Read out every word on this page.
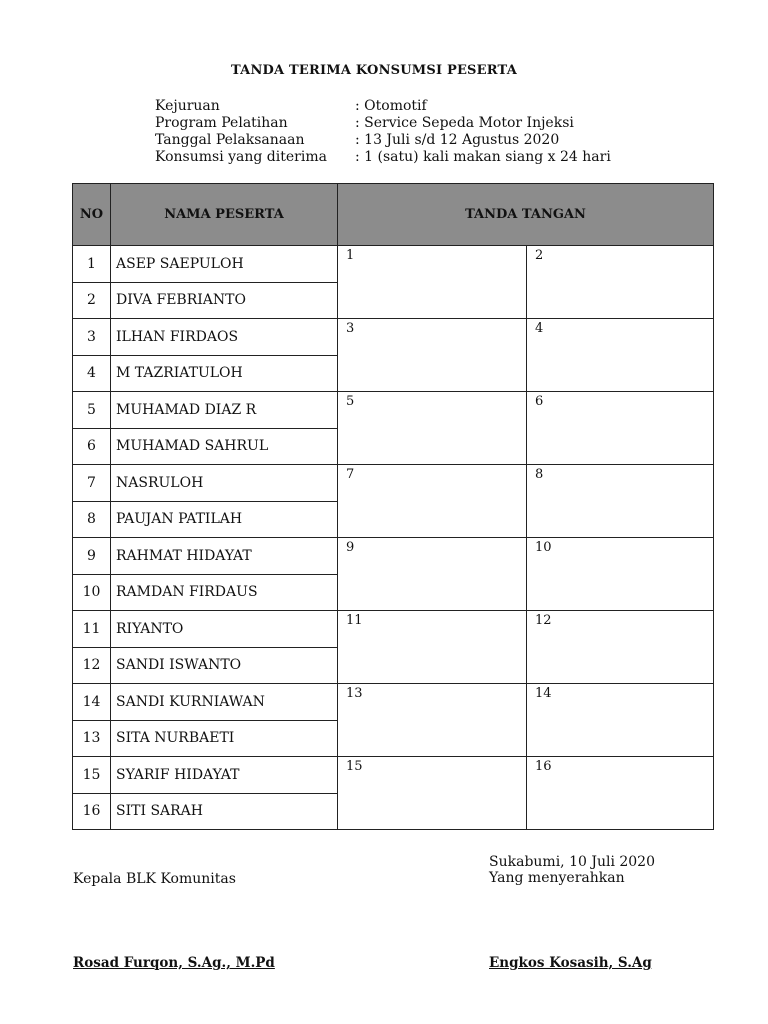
TANDA TERIMA KONSUMSI PESERTA
Kejuruan	: Otomotif
Program Pelatihan	: Service Sepeda Motor Injeksi
Tanggal Pelaksanaan	: 13 Juli s/d 12 Agustus 2020
Konsumsi yang diterima	: 1 (satu) kali makan siang x 24 hari
NO	NAMA PESERTA	TANDA TANGAN	
1	ASEP SAEPULOH	1	2
2	DIVA FEBRIANTO		
3	ILHAN FIRDAOS	3	4
4	M TAZRIATULOH		
5	MUHAMAD DIAZ R	5	6
6	MUHAMAD SAHRUL		
7	NASRULOH	7	8
8	PAUJAN PATILAH		
9	RAHMAT HIDAYAT	9	10
10	RAMDAN FIRDAUS		
11	RIYANTO	11	12
12	SANDI ISWANTO		
14	SANDI KURNIAWAN	13	14
13	SITA NURBAETI		
15	SYARIF HIDAYAT	15	16
16	SITI SARAH		
Kepala BLK Komunitas
Sukabumi, 10 Juli 2020
Yang menyerahkan
Rosad Furqon, S.Ag., M.Pd	Engkos Kosasih, S.Ag
